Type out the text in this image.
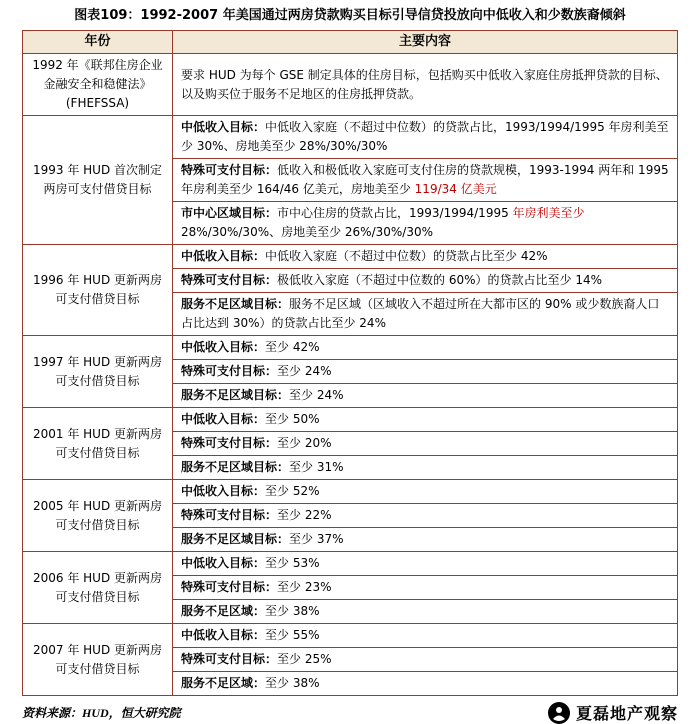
图表109：1992-2007 年美国通过两房贷款购买目标引导信贷投放向中低收入和少数族裔倾斜
年份	主要内容
1992 年《联邦住房企业金融安全和稳健法》(FHEFSSA)	要求 HUD 为每个 GSE 制定具体的住房目标，包括购买中低收入家庭住房抵押贷款的目标、以及购买位于服务不足地区的住房抵押贷款。
1993 年 HUD 首次制定两房可支付借贷目标	中低收入目标：中低收入家庭（不超过中位数）的贷款占比，1993/1994/1995 年房利美至少 30%、房地美至少 28%/30%/30%
	特殊可支付目标：低收入和极低收入家庭可支付住房的贷款规模，1993-1994 两年和 1995 年房利美至少 164/46 亿美元，房地美至少 119/34 亿美元
	市中心区域目标：市中心住房的贷款占比，1993/1994/1995 年房利美至少 28%/30%/30%、房地美至少 26%/30%/30%
1996 年 HUD 更新两房可支付借贷目标	中低收入目标：中低收入家庭（不超过中位数）的贷款占比至少 42%
	特殊可支付目标：极低收入家庭（不超过中位数的 60%）的贷款占比至少 14%
	服务不足区域目标：服务不足区域（区域收入不超过所在大都市区的 90% 或少数族裔人口占比达到 30%）的贷款占比至少 24%
1997 年 HUD 更新两房可支付借贷目标	中低收入目标：至少 42%
	特殊可支付目标：至少 24%
	服务不足区域目标：至少 24%
2001 年 HUD 更新两房可支付借贷目标	中低收入目标：至少 50%
	特殊可支付目标：至少 20%
	服务不足区域目标：至少 31%
2005 年 HUD 更新两房可支付借贷目标	中低收入目标：至少 52%
	特殊可支付目标：至少 22%
	服务不足区域目标：至少 37%
2006 年 HUD 更新两房可支付借贷目标	中低收入目标：至少 53%
	特殊可支付目标：至少 23%
	服务不足区域：至少 38%
2007 年 HUD 更新两房可支付借贷目标	中低收入目标：至少 55%
	特殊可支付目标：至少 25%
	服务不足区域：至少 38%
资料来源：HUD，恒大研究院	夏磊地产观察
